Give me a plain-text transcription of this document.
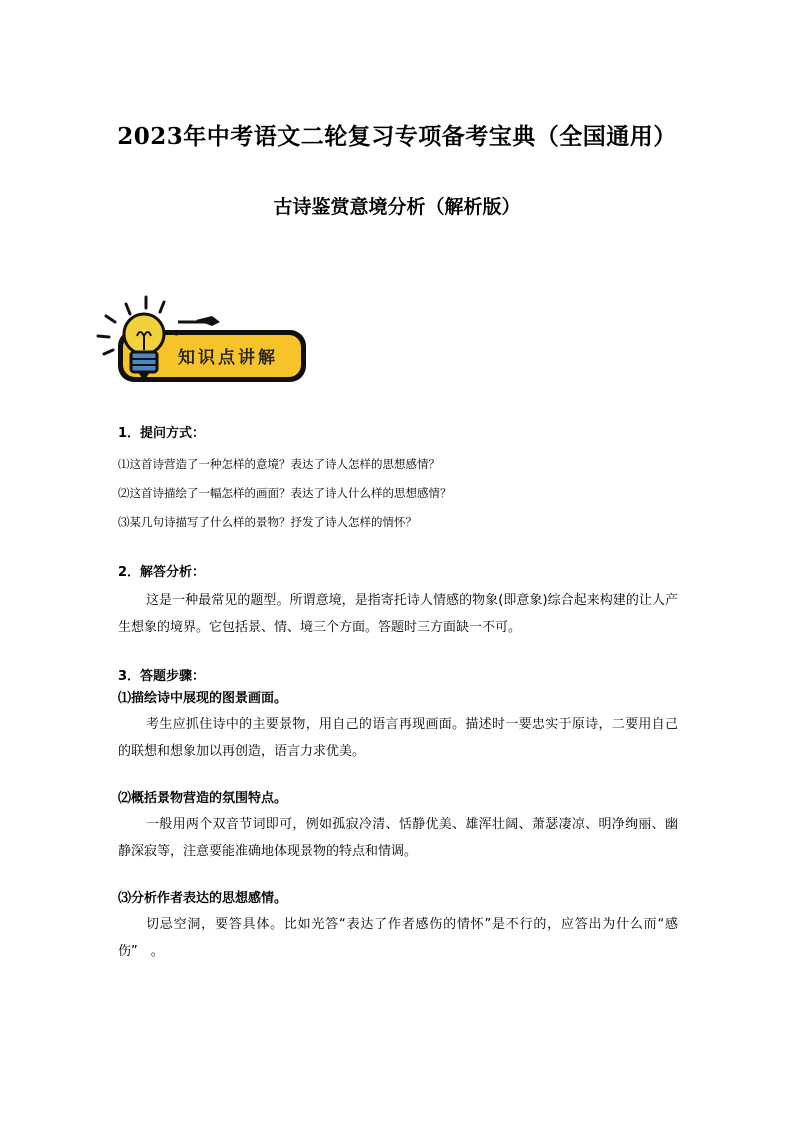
2023年中考语文二轮复习专项备考宝典（全国通用）
古诗鉴赏意境分析（解析版）
知识点讲解

1．提问方式：

⑴这首诗营造了一种怎样的意境？表达了诗人怎样的思想感情？

⑵这首诗描绘了一幅怎样的画面？表达了诗人什么样的思想感情？

⑶某几句诗描写了什么样的景物？抒发了诗人怎样的情怀？

2．解答分析：

这是一种最常见的题型。所谓意境，是指寄托诗人情感的物象(即意象)综合起来构建的让人产生想象的境界。它包括景、情、境三个方面。答题时三方面缺一不可。

3．答题步骤：

⑴描绘诗中展现的图景画面。

考生应抓住诗中的主要景物，用自己的语言再现画面。描述时一要忠实于原诗，二要用自己的联想和想象加以再创造，语言力求优美。

⑵概括景物营造的氛围特点。

一般用两个双音节词即可，例如孤寂冷清、恬静优美、雄浑壮阔、萧瑟凄凉、明净绚丽、幽静深寂等，注意要能准确地体现景物的特点和情调。

⑶分析作者表达的思想感情。

切忌空洞，要答具体。比如光答“表达了作者感伤的情怀”是不行的，应答出为什么而“感伤”　。
